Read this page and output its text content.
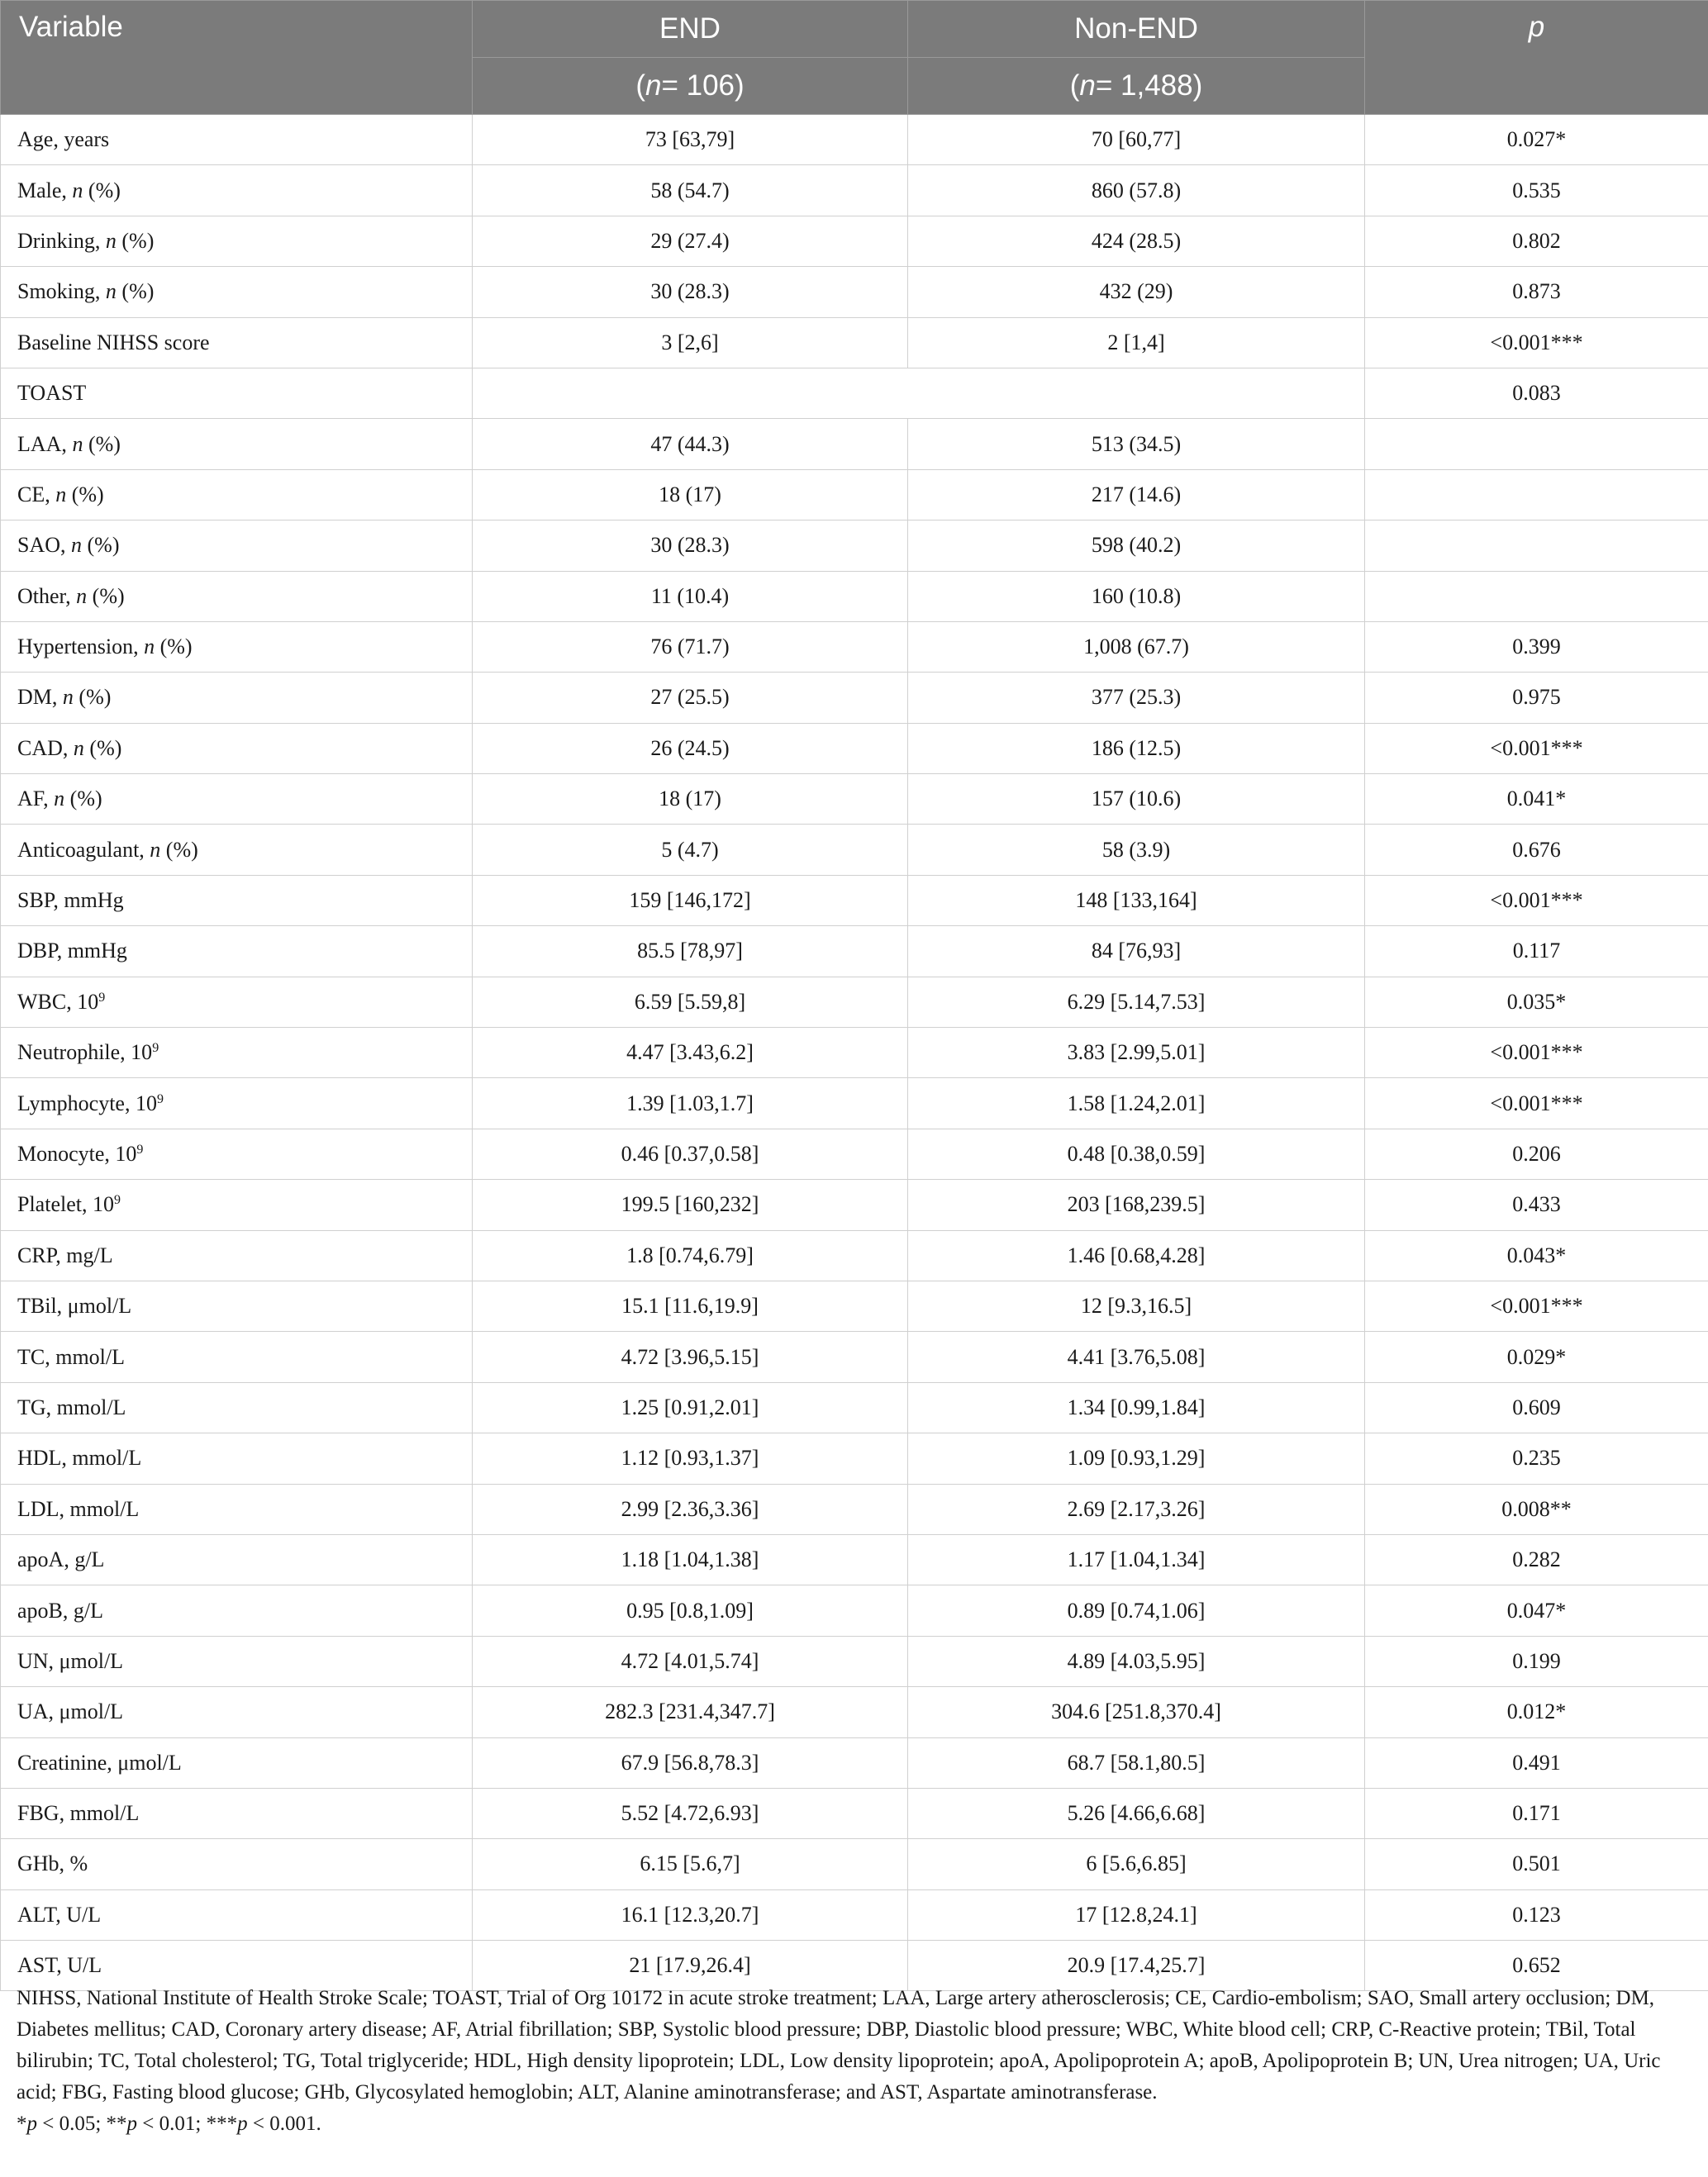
Variable	END	Non-END	p
	(n= 106)	(n= 1,488)	
Age, years	73 [63,79]	70 [60,77]	0.027*
Male, n (%)	58 (54.7)	860 (57.8)	0.535
Drinking, n (%)	29 (27.4)	424 (28.5)	0.802
Smoking, n (%)	30 (28.3)	432 (29)	0.873
Baseline NIHSS score	3 [2,6]	2 [1,4]	<0.001***
TOAST			0.083
LAA, n (%)	47 (44.3)	513 (34.5)	
CE, n (%)	18 (17)	217 (14.6)	
SAO, n (%)	30 (28.3)	598 (40.2)	
Other, n (%)	11 (10.4)	160 (10.8)	
Hypertension, n (%)	76 (71.7)	1,008 (67.7)	0.399
DM, n (%)	27 (25.5)	377 (25.3)	0.975
CAD, n (%)	26 (24.5)	186 (12.5)	<0.001***
AF, n (%)	18 (17)	157 (10.6)	0.041*
Anticoagulant, n (%)	5 (4.7)	58 (3.9)	0.676
SBP, mmHg	159 [146,172]	148 [133,164]	<0.001***
DBP, mmHg	85.5 [78,97]	84 [76,93]	0.117
WBC, $10^9$	6.59 [5.59,8]	6.29 [5.14,7.53]	0.035*
Neutrophile, $10^9$	4.47 [3.43,6.2]	3.83 [2.99,5.01]	<0.001***
Lymphocyte, $10^9$	1.39 [1.03,1.7]	1.58 [1.24,2.01]	<0.001***
Monocyte, $10^9$	0.46 [0.37,0.58]	0.48 [0.38,0.59]	0.206
Platelet, $10^9$	199.5 [160,232]	203 [168,239.5]	0.433
CRP, mg/L	1.8 [0.74,6.79]	1.46 [0.68,4.28]	0.043*
TBil, μmol/L	15.1 [11.6,19.9]	12 [9.3,16.5]	<0.001***
TC, mmol/L	4.72 [3.96,5.15]	4.41 [3.76,5.08]	0.029*
TG, mmol/L	1.25 [0.91,2.01]	1.34 [0.99,1.84]	0.609
HDL, mmol/L	1.12 [0.93,1.37]	1.09 [0.93,1.29]	0.235
LDL, mmol/L	2.99 [2.36,3.36]	2.69 [2.17,3.26]	0.008**
apoA, g/L	1.18 [1.04,1.38]	1.17 [1.04,1.34]	0.282
apoB, g/L	0.95 [0.8,1.09]	0.89 [0.74,1.06]	0.047*
UN, μmol/L	4.72 [4.01,5.74]	4.89 [4.03,5.95]	0.199
UA, μmol/L	282.3 [231.4,347.7]	304.6 [251.8,370.4]	0.012*
Creatinine, μmol/L	67.9 [56.8,78.3]	68.7 [58.1,80.5]	0.491
FBG, mmol/L	5.52 [4.72,6.93]	5.26 [4.66,6.68]	0.171
GHb, %	6.15 [5.6,7]	6 [5.6,6.85]	0.501
ALT, U/L	16.1 [12.3,20.7]	17 [12.8,24.1]	0.123
AST, U/L	21 [17.9,26.4]	20.9 [17.4,25.7]	0.652

NIHSS, National Institute of Health Stroke Scale; TOAST, Trial of Org 10172 in acute stroke treatment; LAA, Large artery atherosclerosis; CE, Cardio-embolism; SAO, Small artery occlusion; DM, Diabetes mellitus; CAD, Coronary artery disease; AF, Atrial fibrillation; SBP, Systolic blood pressure; DBP, Diastolic blood pressure; WBC, White blood cell; CRP, C-Reactive protein; TBil, Total bilirubin; TC, Total cholesterol; TG, Total triglyceride; HDL, High density lipoprotein; LDL, Low density lipoprotein; apoA, Apolipoprotein A; apoB, Apolipoprotein B; UN, Urea nitrogen; UA, Uric acid; FBG, Fasting blood glucose; GHb, Glycosylated hemoglobin; ALT, Alanine aminotransferase; and AST, Aspartate aminotransferase.

*p < 0.05; **p < 0.01; ***p < 0.001.
